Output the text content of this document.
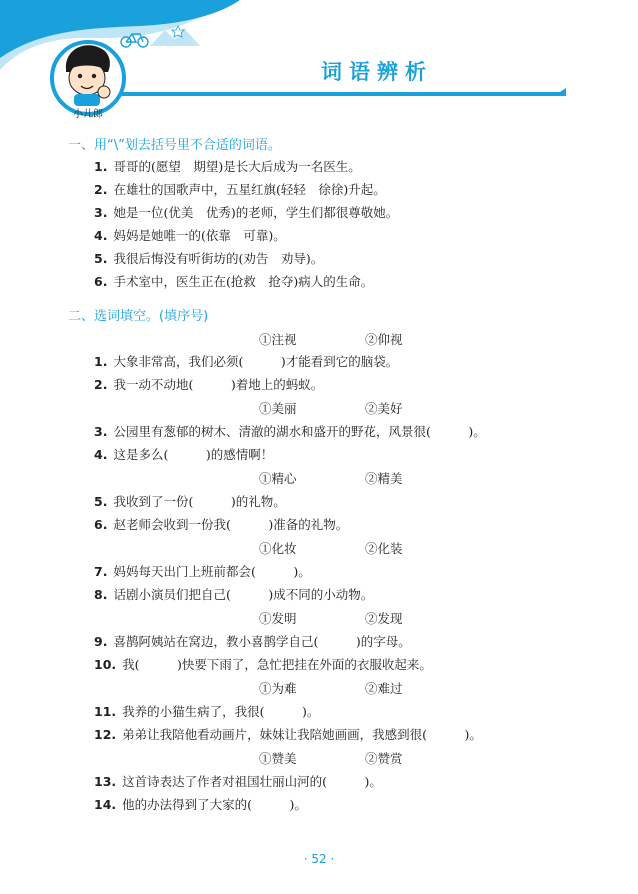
词语辨析
小儿郎
一、用“\”划去括号里不合适的词语。
1. 哥哥的(愿望　期望)是长大后成为一名医生。
2. 在雄壮的国歌声中，五星红旗(轻轻　徐徐)升起。
3. 她是一位(优美　优秀)的老师，学生们都很尊敬她。
4. 妈妈是她唯一的(依靠　可靠)。
5. 我很后悔没有听街坊的(劝告　劝导)。
6. 手术室中，医生正在(抢救　抢夺)病人的生命。
二、选词填空。(填序号)
①注视	②仰视
1. 大象非常高，我们必须(　　　)才能看到它的脑袋。
2. 我一动不动地(　　　)着地上的蚂蚁。
①美丽	②美好
3. 公园里有葱郁的树木、清澈的湖水和盛开的野花，风景很(　　　)。
4. 这是多么(　　　)的感情啊！
①精心	②精美
5. 我收到了一份(　　　)的礼物。
6. 赵老师会收到一份我(　　　)准备的礼物。
①化妆	②化装
7. 妈妈每天出门上班前都会(　　　)。
8. 话剧小演员们把自己(　　　)成不同的小动物。
①发明	②发现
9. 喜鹊阿姨站在窝边，教小喜鹊学自己(　　　)的字母。
10. 我(　　　)快要下雨了，急忙把挂在外面的衣服收起来。
①为难	②难过
11. 我养的小猫生病了，我很(　　　)。
12. 弟弟让我陪他看动画片，妹妹让我陪她画画，我感到很(　　　)。
①赞美	②赞赏
13. 这首诗表达了作者对祖国壮丽山河的(　　　)。
14. 他的办法得到了大家的(　　　)。
· 52 ·
